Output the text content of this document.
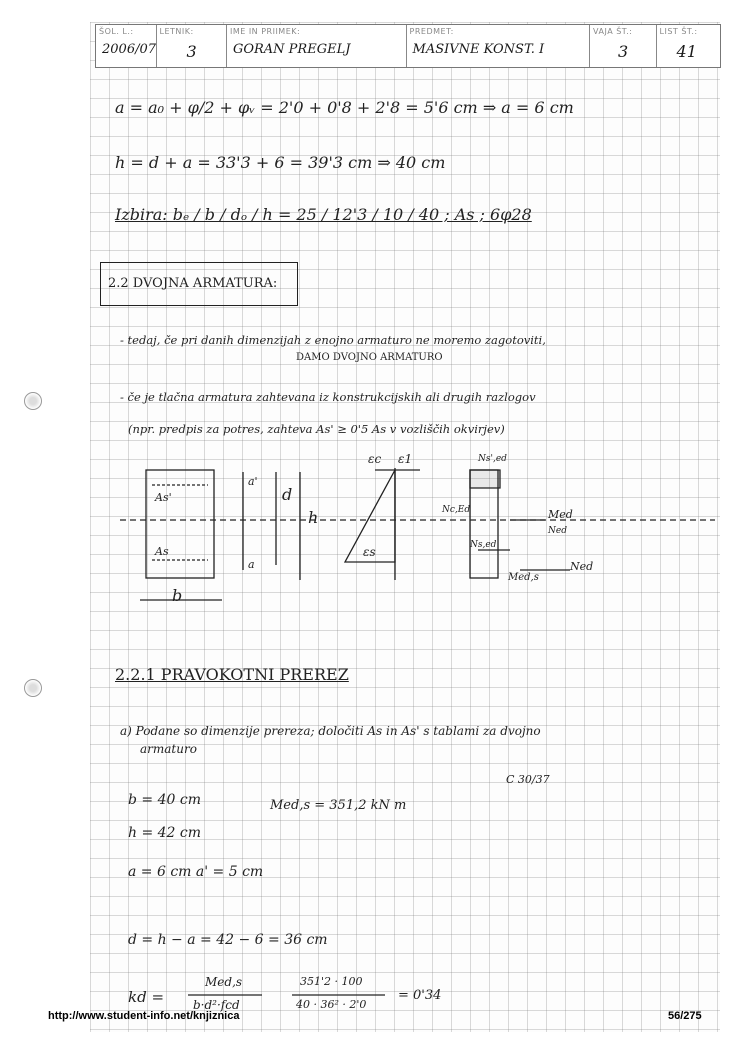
ŠOL. L.:
2006/07
LETNIK:
3
IME IN PRIIMEK:
GORAN PREGELJ
PREDMET:
MASIVNE KONST. I
VAJA ŠT.:
3
LIST ŠT.:
41
a = a₀ + φ/2 + φᵥ = 2'0 + 0'8 + 2'8 = 5'6 cm ⇒ a = 6 cm
h = d + a = 33'3 + 6 = 39'3 cm ⇒ 40 cm
Izbira: bₑ / b / dₒ / h = 25 / 12'3 / 10 / 40 ; As ; 6φ28
2.2 DVOJNA ARMATURA:
- tedaj, če pri danih dimenzijah z enojno armaturo ne moremo zagotoviti,
DAMO DVOJNO ARMATURO
- če je tlačna armatura zahtevana iz konstrukcijskih ali drugih razlogov
(npr. predpis za potres, zahteva As' ≥ 0'5 As v vozliščih okvirjev)
As'
As
a'
d
h
a
b
εc ε1
εs
Ns',ed
Nc,Ed
Ns,ed
Med
Ned
Med,s
Ned
2.2.1 PRAVOKOTNI PREREZ
a) Podane so dimenzije prereza; določiti As in As' s tablami za dvojno
armaturo
C 30/37
b = 40 cm	Med,s = 351,2 kN m
h = 42 cm
a = 6 cm a' = 5 cm
d = h − a = 42 − 6 = 36 cm
kd =
Med,s
b·d²·fcd
351'2 · 100
40 · 36² · 2'0
= 0'34
http://www.student-info.net/knjiznica	56/275
